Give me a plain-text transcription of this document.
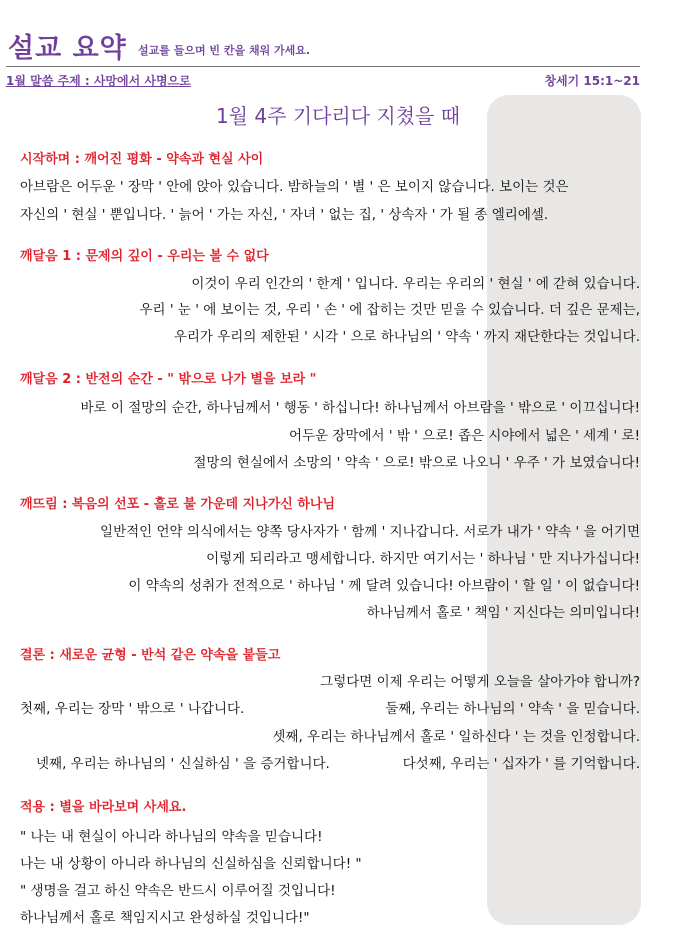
설교 요약 설교를 들으며 빈 칸을 채워 가세요.
1월 말씀 주제 : 사망에서 사명으로	창세기 15:1~21
1월 4주 기다리다 지쳤을 때
시작하며 : 깨어진 평화 - 약속과 현실 사이
아브람은 어두운 ' 장막 ' 안에 앉아 있습니다. 밤하늘의 ' 별 ' 은 보이지 않습니다. 보이는 것은
자신의 ' 현실 ' 뿐입니다. ' 늙어 ' 가는 자신, ' 자녀 ' 없는 집, ' 상속자 ' 가 될 종 엘리에셀.
깨달음 1 : 문제의 깊이 - 우리는 볼 수 없다
이것이 우리 인간의 ' 한계 ' 입니다. 우리는 우리의 ' 현실 ' 에 갇혀 있습니다.
우리 ' 눈 ' 에 보이는 것, 우리 ' 손 ' 에 잡히는 것만 믿을 수 있습니다. 더 깊은 문제는,
우리가 우리의 제한된 ' 시각 ' 으로 하나님의 ' 약속 ' 까지 재단한다는 것입니다.
깨달음 2 : 반전의 순간 - " 밖으로 나가 별을 보라 "
바로 이 절망의 순간, 하나님께서 ' 행동 ' 하십니다! 하나님께서 아브람을 ' 밖으로 ' 이끄십니다!
어두운 장막에서 ' 밖 ' 으로! 좁은 시야에서 넓은 ' 세계 ' 로!
절망의 현실에서 소망의 ' 약속 ' 으로! 밖으로 나오니 ' 우주 ' 가 보였습니다!
깨뜨림 : 복음의 선포 - 홀로 불 가운데 지나가신 하나님
일반적인 언약 의식에서는 양쪽 당사자가 ' 함께 ' 지나갑니다. 서로가 내가 ' 약속 ' 을 어기면
이렇게 되리라고 맹세합니다. 하지만 여기서는 ' 하나님 ' 만 지나가십니다!
이 약속의 성취가 전적으로 ' 하나님 ' 께 달려 있습니다! 아브람이 ' 할 일 ' 이 없습니다!
하나님께서 홀로 ' 책임 ' 지신다는 의미입니다!
결론 : 새로운 균형 - 반석 같은 약속을 붙들고
그렇다면 이제 우리는 어떻게 오늘을 살아가야 합니까?
첫째, 우리는 장막 ' 밖으로 ' 나갑니다.	둘째, 우리는 하나님의 ' 약속 ' 을 믿습니다.
셋째, 우리는 하나님께서 홀로 ' 일하신다 ' 는 것을 인정합니다.
넷째, 우리는 하나님의 ' 신실하심 ' 을 증거합니다.	다섯째, 우리는 ' 십자가 ' 를 기억합니다.
적용 : 별을 바라보며 사세요.
" 나는 내 현실이 아니라 하나님의 약속을 믿습니다!
나는 내 상황이 아니라 하나님의 신실하심을 신뢰합니다! "
" 생명을 걸고 하신 약속은 반드시 이루어질 것입니다!
하나님께서 홀로 책임지시고 완성하실 것입니다!"
